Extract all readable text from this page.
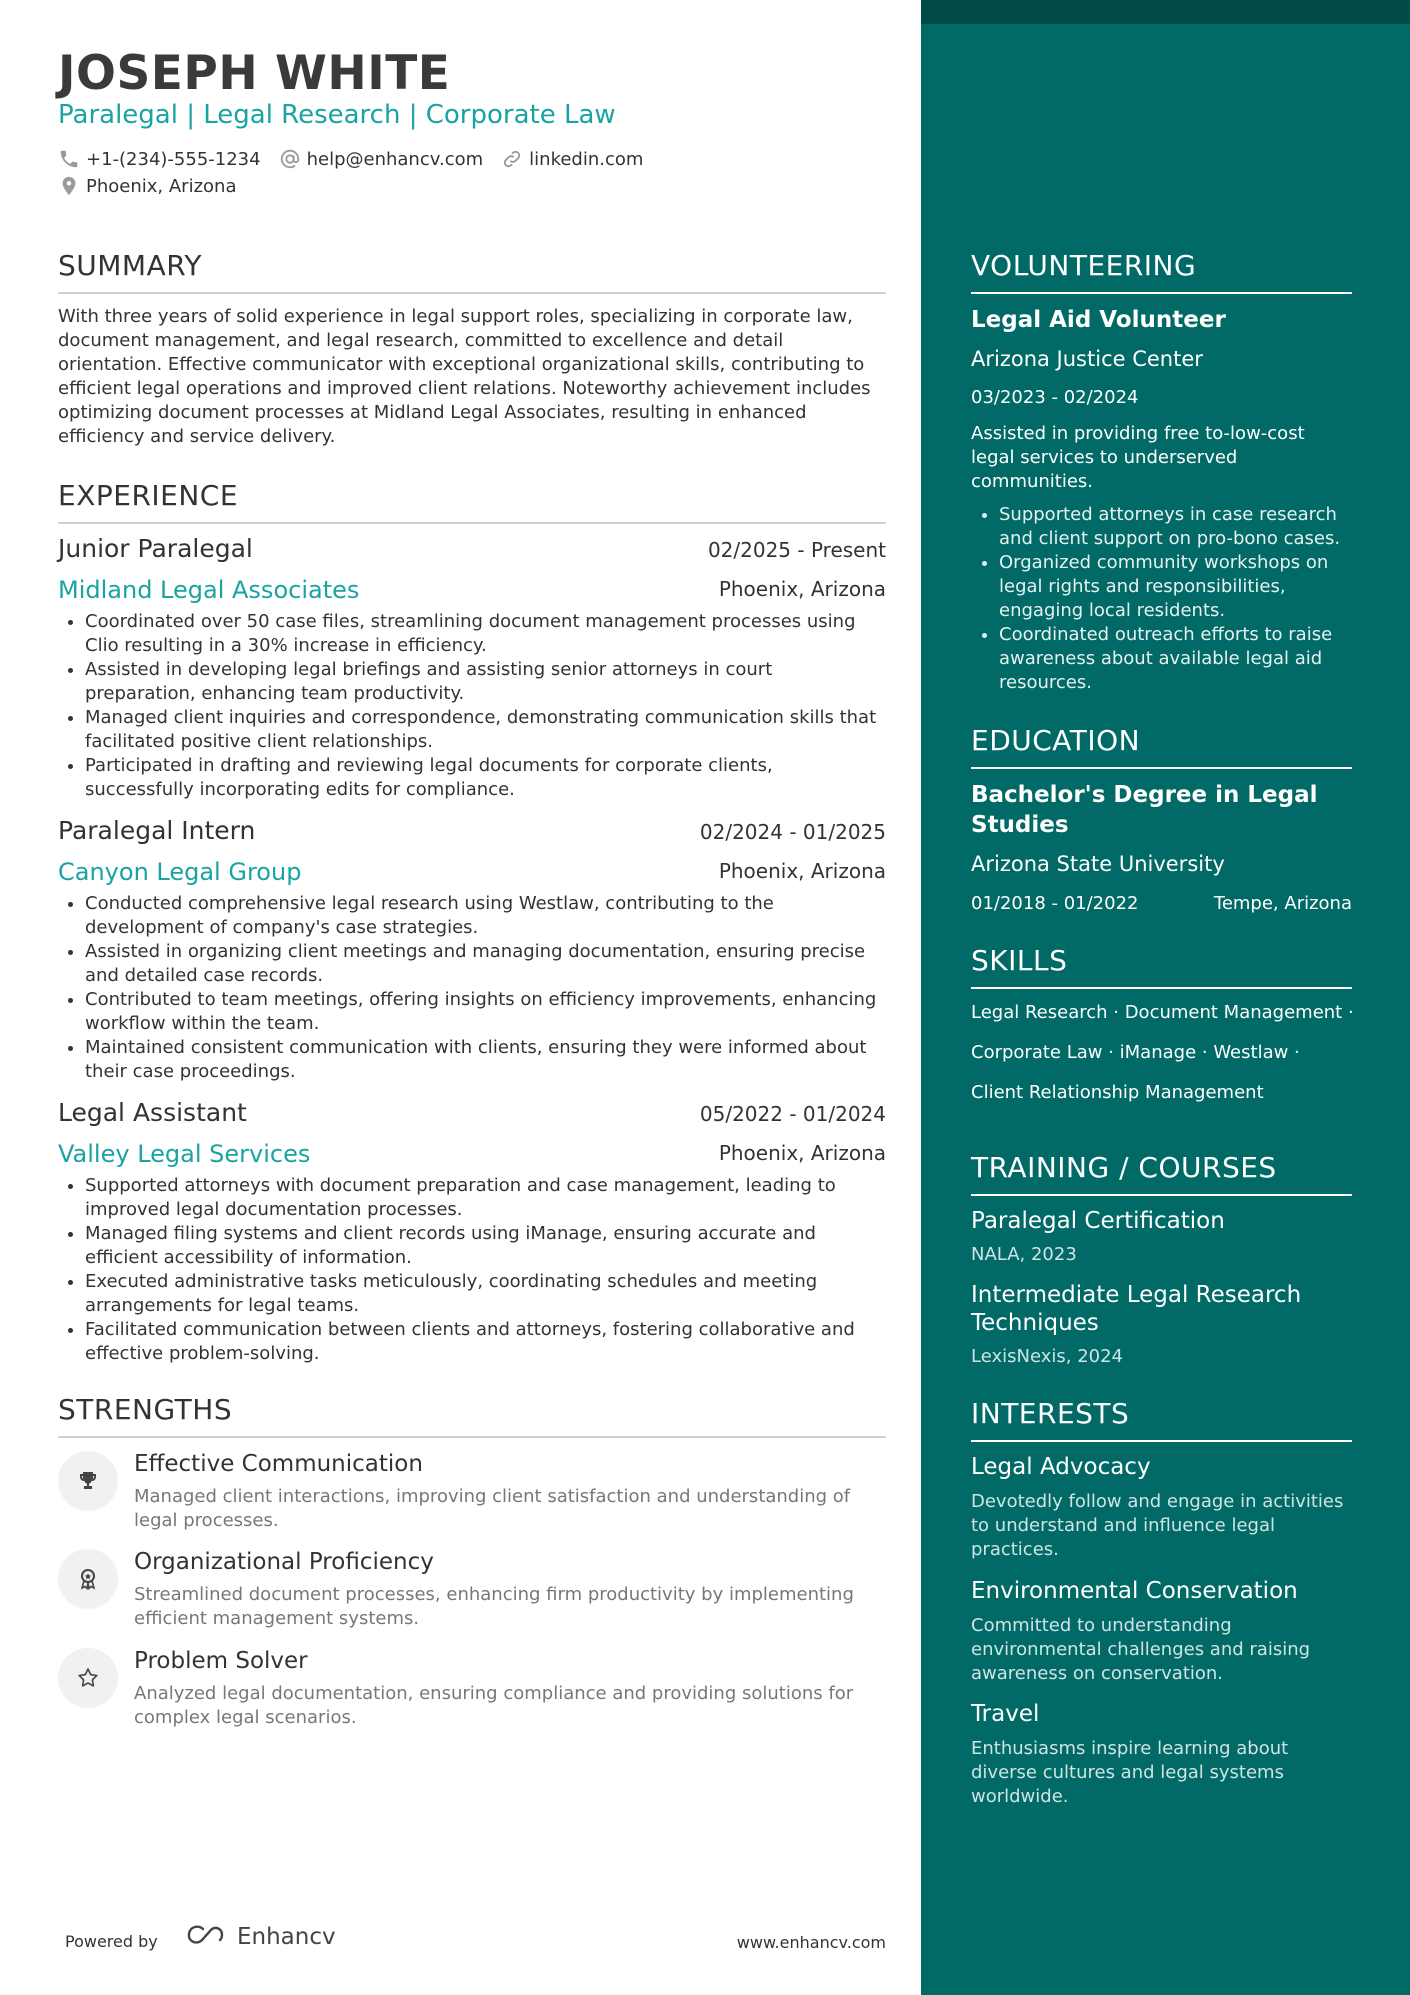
JOSEPH WHITE
Paralegal | Legal Research | Corporate Law
+1-(234)-555-1234	help@enhancv.com	linkedin.com
Phoenix, Arizona
SUMMARY
With three years of solid experience in legal support roles, specializing in corporate law, document management, and legal research, committed to excellence and detail orientation. Effective communicator with exceptional organizational skills, contributing to efficient legal operations and improved client relations. Noteworthy achievement includes optimizing document processes at Midland Legal Associates, resulting in enhanced efficiency and service delivery.
EXPERIENCE
Junior Paralegal	02/2025 - Present
Midland Legal Associates	Phoenix, Arizona
• Coordinated over 50 case files, streamlining document management processes using Clio resulting in a 30% increase in efficiency.
• Assisted in developing legal briefings and assisting senior attorneys in court preparation, enhancing team productivity.
• Managed client inquiries and correspondence, demonstrating communication skills that facilitated positive client relationships.
• Participated in drafting and reviewing legal documents for corporate clients, successfully incorporating edits for compliance.
Paralegal Intern	02/2024 - 01/2025
Canyon Legal Group	Phoenix, Arizona
• Conducted comprehensive legal research using Westlaw, contributing to the development of company's case strategies.
• Assisted in organizing client meetings and managing documentation, ensuring precise and detailed case records.
• Contributed to team meetings, offering insights on efficiency improvements, enhancing workflow within the team.
• Maintained consistent communication with clients, ensuring they were informed about their case proceedings.
Legal Assistant	05/2022 - 01/2024
Valley Legal Services	Phoenix, Arizona
• Supported attorneys with document preparation and case management, leading to improved legal documentation processes.
• Managed filing systems and client records using iManage, ensuring accurate and efficient accessibility of information.
• Executed administrative tasks meticulously, coordinating schedules and meeting arrangements for legal teams.
• Facilitated communication between clients and attorneys, fostering collaborative and effective problem-solving.
STRENGTHS
Effective Communication
Managed client interactions, improving client satisfaction and understanding of legal processes.
Organizational Proficiency
Streamlined document processes, enhancing firm productivity by implementing efficient management systems.
Problem Solver
Analyzed legal documentation, ensuring compliance and providing solutions for complex legal scenarios.
Powered by	Enhancv	www.enhancv.com
VOLUNTEERING
Legal Aid Volunteer
Arizona Justice Center
03/2023 - 02/2024
Assisted in providing free to-low-cost legal services to underserved communities.
• Supported attorneys in case research and client support on pro-bono cases.
• Organized community workshops on legal rights and responsibilities, engaging local residents.
• Coordinated outreach efforts to raise awareness about available legal aid resources.
EDUCATION
Bachelor's Degree in Legal Studies
Arizona State University
01/2018 - 01/2022	Tempe, Arizona
SKILLS
Legal Research · Document Management ·
Corporate Law · iManage · Westlaw ·
Client Relationship Management
TRAINING / COURSES
Paralegal Certification
NALA, 2023
Intermediate Legal Research Techniques
LexisNexis, 2024
INTERESTS
Legal Advocacy
Devotedly follow and engage in activities to understand and influence legal practices.
Environmental Conservation
Committed to understanding environmental challenges and raising awareness on conservation.
Travel
Enthusiasms inspire learning about diverse cultures and legal systems worldwide.
